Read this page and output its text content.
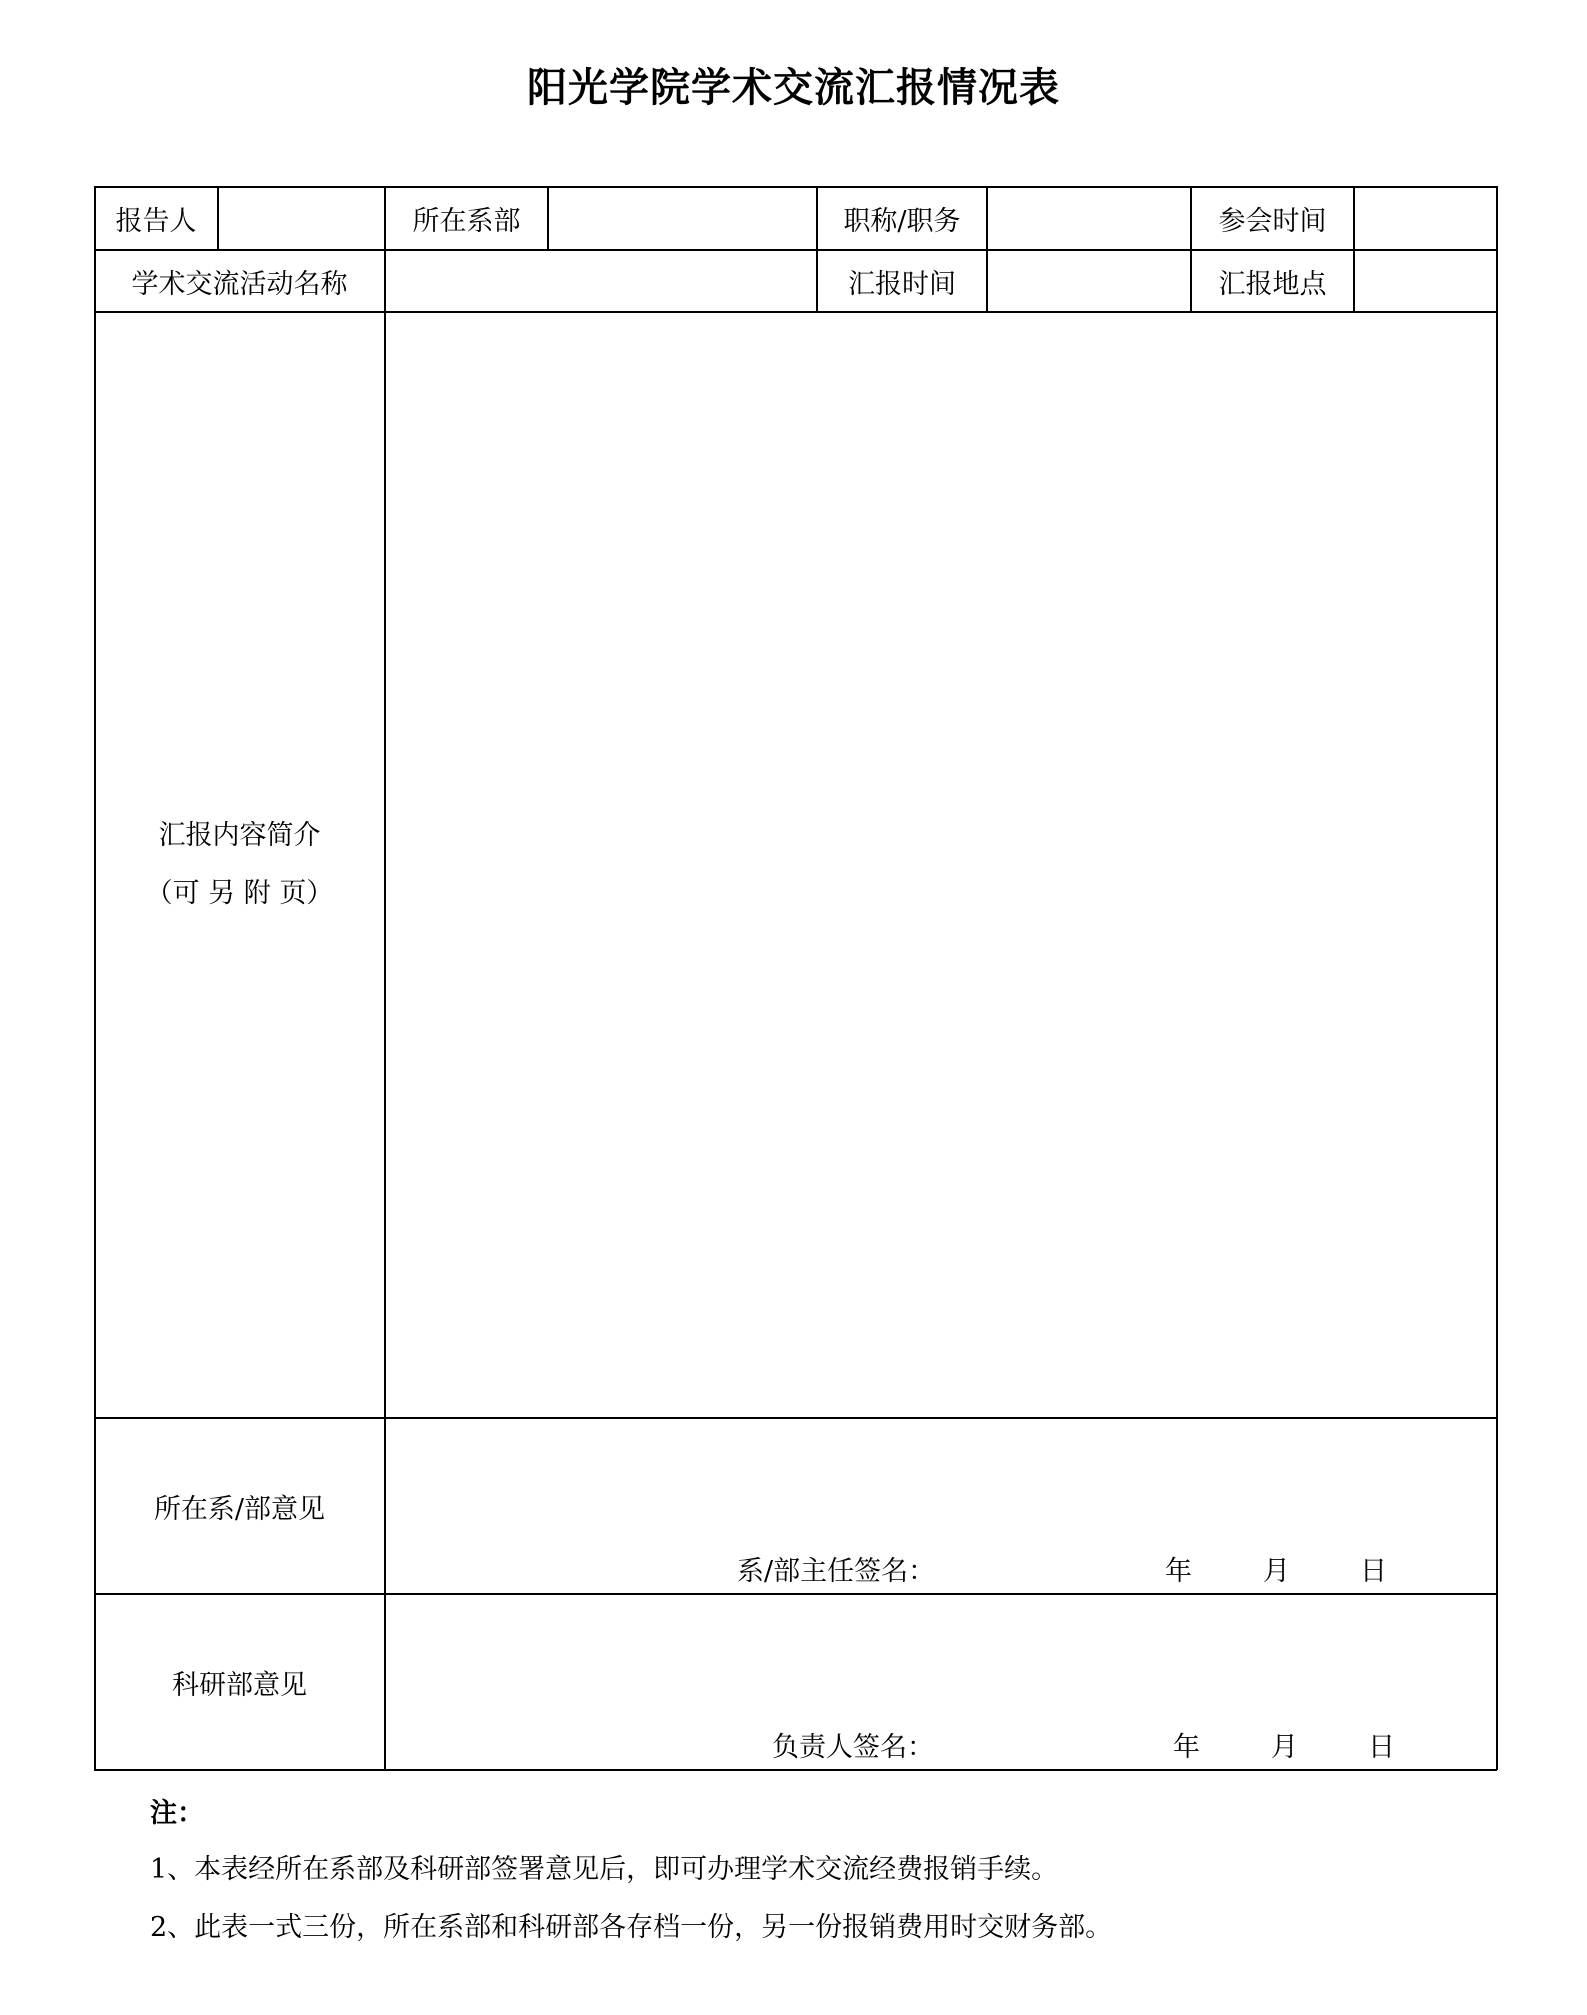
阳光学院学术交流汇报情况表
报告人	所在系部	职称/职务	参会时间
学术交流活动名称	汇报时间	汇报地点
汇报内容简介
（可 另 附 页）
所在系/部意见
系/部主任签名：	年	月	日
科研部意见
负责人签名：	年	月	日
注：
1、本表经所在系部及科研部签署意见后，即可办理学术交流经费报销手续。
2、此表一式三份，所在系部和科研部各存档一份，另一份报销费用时交财务部。
